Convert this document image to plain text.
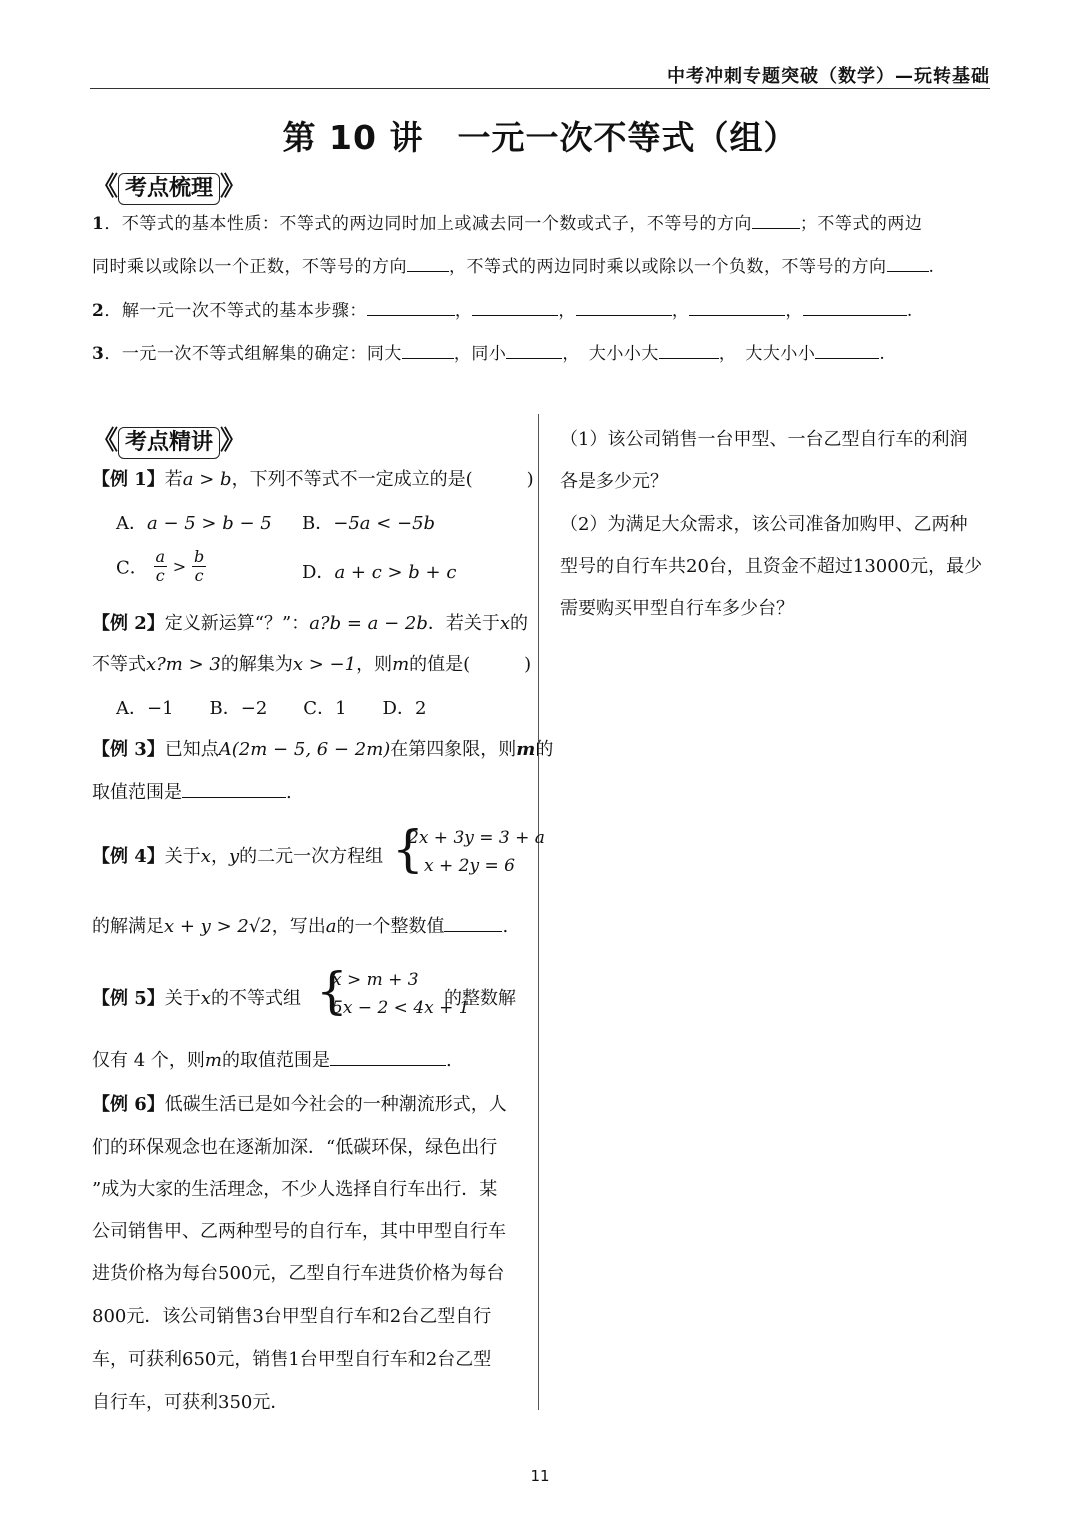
中考冲刺专题突破（数学）—玩转基础
第 10 讲　一元一次不等式（组）
《 考点梳理 》
1．不等式的基本性质：不等式的两边同时加上或减去同一个数或式子，不等号的方向	；不等式的两边
同时乘以或除以一个正数，不等号的方向 ，不等式的两边同时乘以或除以一个负数，不等号的方向 .
2．解一元一次不等式的基本步骤：	，	，	，	，	.
3．一元一次不等式组解集的确定：同大	，同小	，　大小小大	，　大大小小	.
《 考点精讲 》
【例 1】若a > b，下列不等式不一定成立的是(　　　)
A．a − 5 > b − 5 B．−5a < −5b
C． $\frac{a}{c} > \frac{b}{c}$	D．a + c > b + c
【例 2】定义新运算“？”：a?b = a − 2b．若关于x的
不等式x?m > 3的解集为x > −1，则m的值是(　　　)
A．−1　　B．−2　　C．1　　D．2
【例 3】已知点A(2m − 5, 6 − 2m)在第四象限，则m的
取值范围是	.
【例 4】关于x，y的二元一次方程组 {
2x + 3y = 3 + a
x + 2y = 6
的解满足x + y > 2√2，写出a的一个整数值	.
【例 5】关于x的不等式组 {
x > m + 3
5x − 2 < 4x + 1
的整数解
仅有 4 个，则m的取值范围是	.
【例 6】低碳生活已是如今社会的一种潮流形式，人
们的环保观念也在逐渐加深．“低碳环保，绿色出行
”成为大家的生活理念，不少人选择自行车出行．某
公司销售甲、乙两种型号的自行车，其中甲型自行车
进货价格为每台500元，乙型自行车进货价格为每台
800元．该公司销售3台甲型自行车和2台乙型自行
车，可获利650元，销售1台甲型自行车和2台乙型
自行车，可获利350元．
（1）该公司销售一台甲型、一台乙型自行车的利润
各是多少元？
（2）为满足大众需求，该公司准备加购甲、乙两种
型号的自行车共20台，且资金不超过13000元，最少
需要购买甲型自行车多少台？
11
